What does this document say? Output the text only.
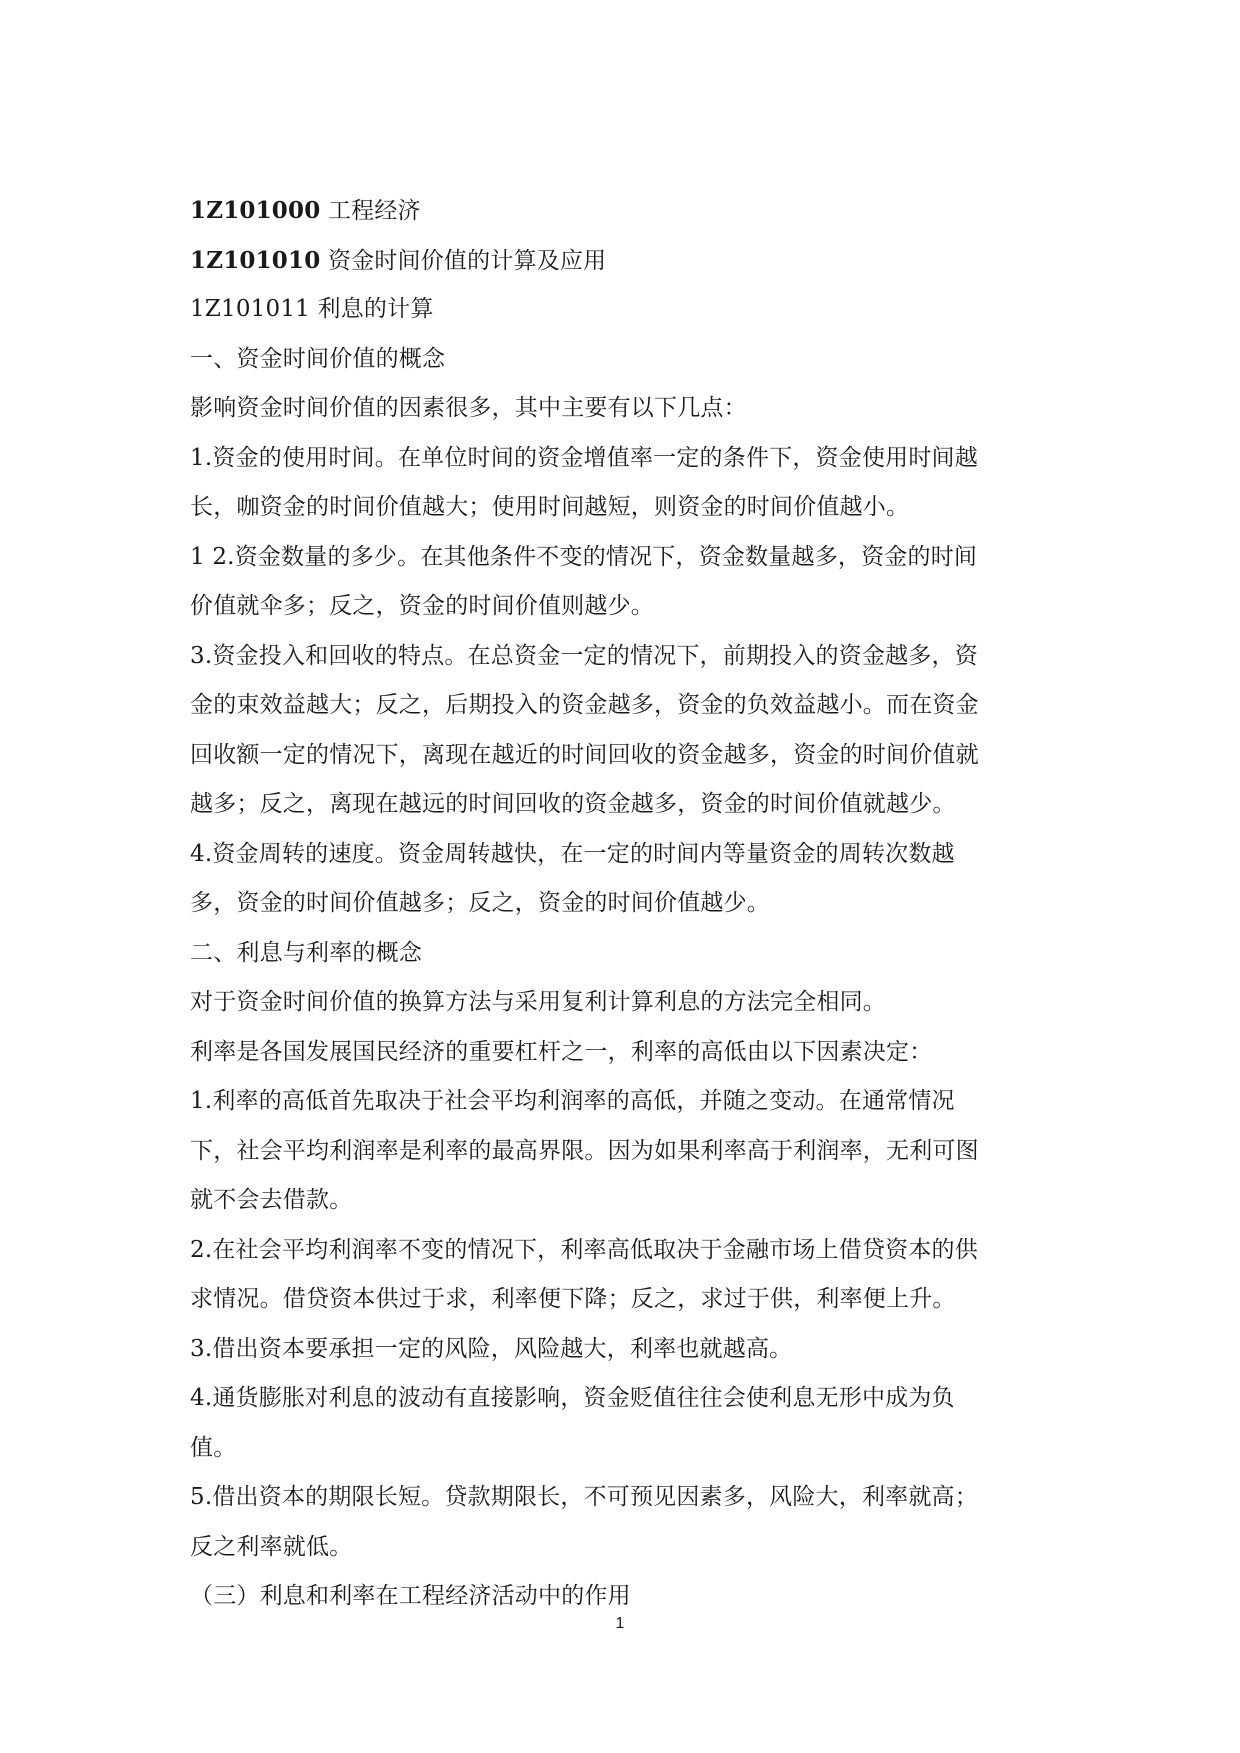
1Z101000 工程经济
1Z101010 资金时间价值的计算及应用
1Z101011 利息的计算
一、资金时间价值的概念
影响资金时间价值的因素很多，其中主要有以下几点：
1.资金的使用时间。在单位时间的资金增值率一定的条件下，资金使用时间越
长，咖资金的时间价值越大；使用时间越短，则资金的时间价值越小。
1 2.资金数量的多少。在其他条件不变的情况下，资金数量越多，资金的时间
价值就伞多；反之，资金的时间价值则越少。
3.资金投入和回收的特点。在总资金一定的情况下，前期投入的资金越多，资
金的束效益越大；反之，后期投入的资金越多，资金的负效益越小。而在资金
回收额一定的情况下，离现在越近的时间回收的资金越多，资金的时间价值就
越多；反之，离现在越远的时间回收的资金越多，资金的时间价值就越少。
4.资金周转的速度。资金周转越快，在一定的时间内等量资金的周转次数越
多，资金的时间价值越多；反之，资金的时间价值越少。
二、利息与利率的概念
对于资金时间价值的换算方法与采用复利计算利息的方法完全相同。
利率是各国发展国民经济的重要杠杆之一，利率的高低由以下因素决定：
1.利率的高低首先取决于社会平均利润率的高低，并随之变动。在通常情况
下，社会平均利润率是利率的最高界限。因为如果利率高于利润率，无利可图
就不会去借款。
2.在社会平均利润率不变的情况下，利率高低取决于金融市场上借贷资本的供
求情况。借贷资本供过于求，利率便下降；反之，求过于供，利率便上升。
3.借出资本要承担一定的风险，风险越大，利率也就越高。
4.通货膨胀对利息的波动有直接影响，资金贬值往往会使利息无形中成为负
值。
5.借出资本的期限长短。贷款期限长，不可预见因素多，风险大，利率就高；
反之利率就低。
（三）利息和利率在工程经济活动中的作用
1
